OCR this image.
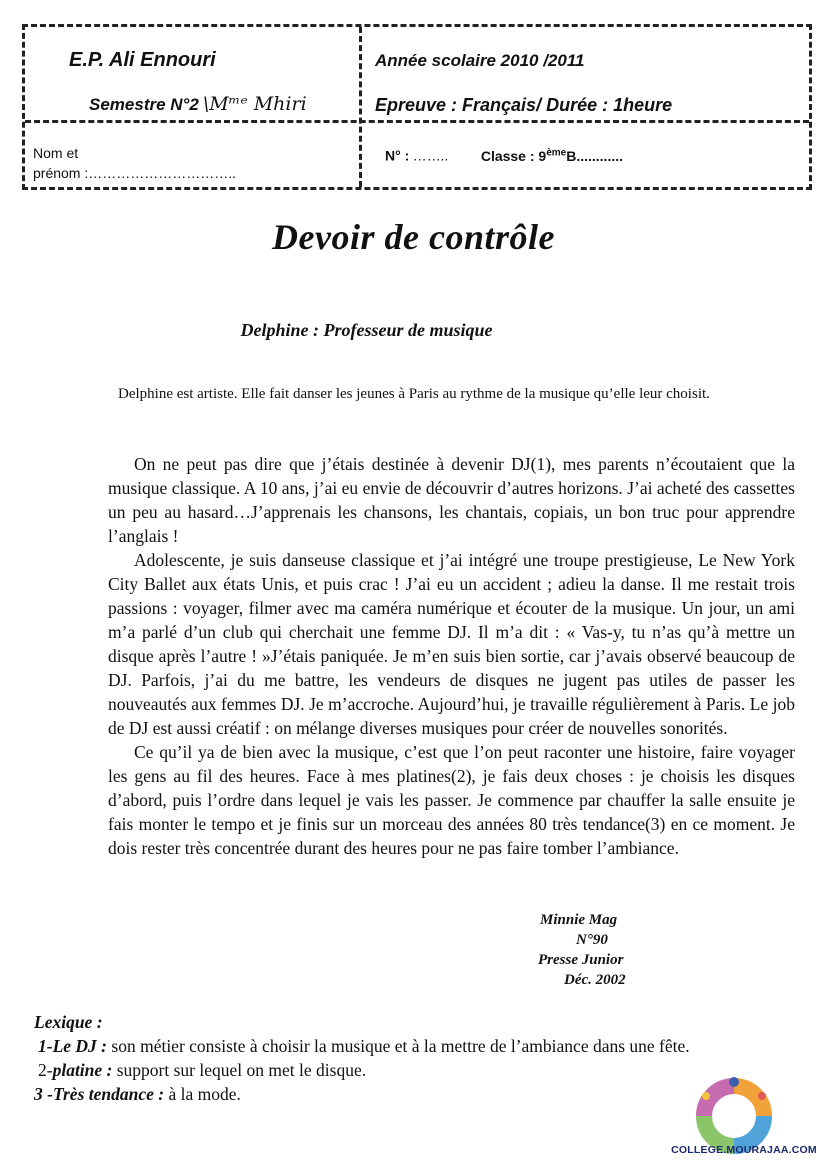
E.P. Ali Ennouri
Semestre N°2 \Mᵐᵉ Mhiri
Année scolaire 2010 /2011
Epreuve : Français/ Durée : 1heure
Nom et
prénom :…………………………..
N° : …….. Classe : 9èmeB............
Devoir de contrôle
Delphine : Professeur de musique
Delphine est artiste. Elle fait danser les jeunes à Paris au rythme de la musique qu’elle leur choisit.

On ne peut pas dire que j’étais destinée à devenir DJ(1), mes parents n’écoutaient que la musique classique. A 10 ans, j’ai eu envie de découvrir d’autres horizons. J’ai acheté des cassettes un peu au hasard…J’apprenais les chansons, les chantais, copiais, un bon truc pour apprendre l’anglais !

Adolescente, je suis danseuse classique et j’ai intégré une troupe prestigieuse, Le New York City Ballet aux états Unis, et puis crac ! J’ai eu un accident ; adieu la danse. Il me restait trois passions : voyager, filmer avec ma caméra numérique et écouter de la musique. Un jour, un ami m’a parlé d’un club qui cherchait une femme DJ. Il m’a dit : « Vas-y, tu n’as qu’à mettre un disque après l’autre ! »J’étais paniquée. Je m’en suis bien sortie, car j’avais observé beaucoup de DJ. Parfois, j’ai du me battre, les vendeurs de disques ne jugent pas utiles de passer les nouveautés aux femmes DJ. Je m’accroche. Aujourd’hui, je travaille régulièrement à Paris. Le job de DJ est aussi créatif : on mélange diverses musiques pour créer de nouvelles sonorités.

Ce qu’il ya de bien avec la musique, c’est que l’on peut raconter une histoire, faire voyager les gens au fil des heures. Face à mes platines(2), je fais deux choses : je choisis les disques d’abord, puis l’ordre dans lequel je vais les passer. Je commence par chauffer la salle ensuite je fais monter le tempo et je finis sur un morceau des années 80 très tendance(3) en ce moment. Je dois rester très concentrée durant des heures pour ne pas faire tomber l’ambiance.

Minnie Mag
N°90
Presse Junior
Déc. 2002
Lexique :
1-Le DJ : son métier consiste à choisir la musique et à la mettre de l’ambiance dans une fête.
2-platine : support sur lequel on met le disque.
3 -Très tendance : à la mode.
COLLEGE.MOURAJAA.COM
